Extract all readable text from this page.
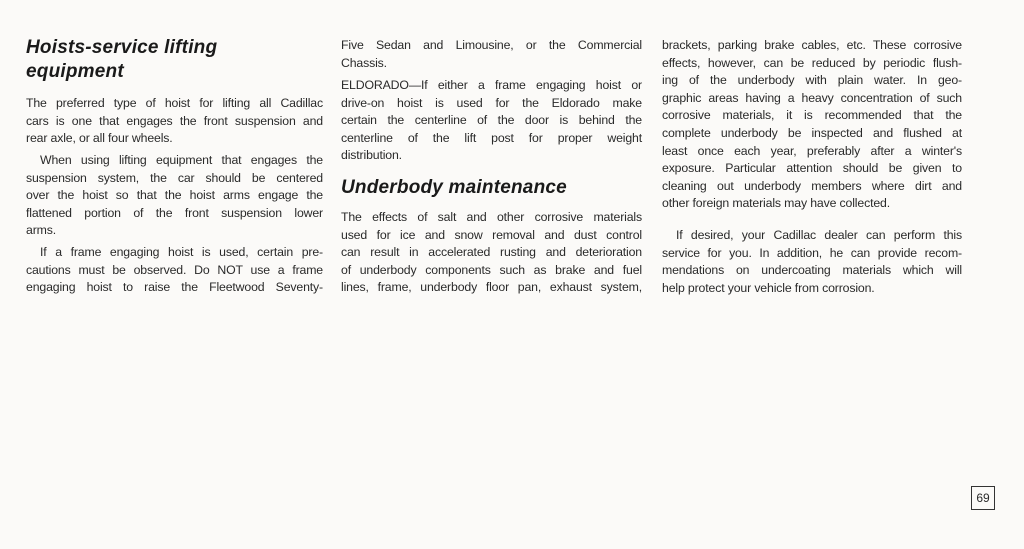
Hoists-service lifting
equipment
The preferred type of hoist for lifting all Cadillac
cars is one that engages the front suspension and
rear axle, or all four wheels.
When using lifting equipment that engages the
suspension system, the car should be centered
over the hoist so that the hoist arms engage the
flattened portion of the front suspension lower
arms.
If a frame engaging hoist is used, certain pre-
cautions must be observed. Do NOT use a frame
engaging hoist to raise the Fleetwood Seventy-
Five Sedan and Limousine, or the Commercial
Chassis.
ELDORADO—If either a frame engaging hoist or
drive-on hoist is used for the Eldorado make
certain the centerline of the door is behind the
centerline of the lift post for proper weight
distribution.
Underbody maintenance
The effects of salt and other corrosive materials
used for ice and snow removal and dust control
can result in accelerated rusting and deterioration
of underbody components such as brake and fuel
lines, frame, underbody floor pan, exhaust system,
brackets, parking brake cables, etc. These corrosive
effects, however, can be reduced by periodic flush-
ing of the underbody with plain water. In geo-
graphic areas having a heavy concentration of such
corrosive materials, it is recommended that the
complete underbody be inspected and flushed at
least once each year, preferably after a winter's
exposure. Particular attention should be given to
cleaning out underbody members where dirt and
other foreign materials may have collected.
If desired, your Cadillac dealer can perform this
service for you. In addition, he can provide recom-
mendations on undercoating materials which will
help protect your vehicle from corrosion.
69
